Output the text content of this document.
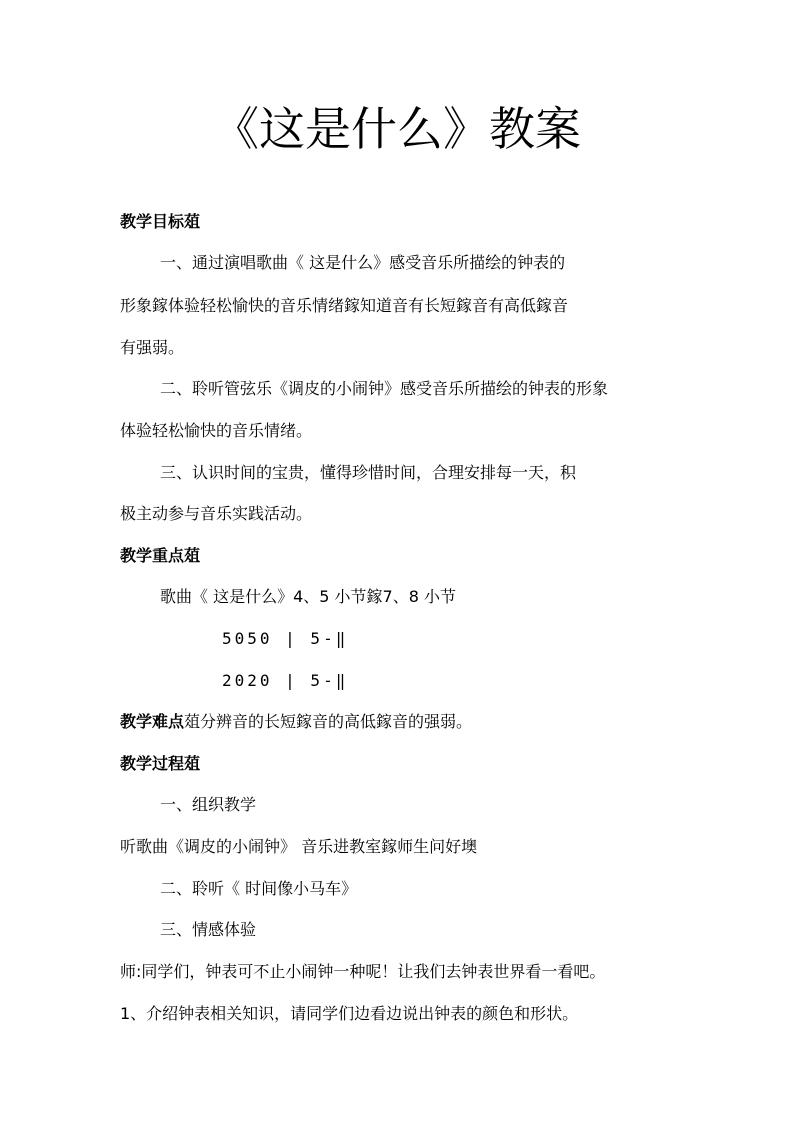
《这是什么》教案
教学目标葅
一、通过演唱歌曲《 这是什么》感受音乐所描绘的钟表的
形象鎵体验轻松愉快的音乐情绪鎵知道音有长短鎵音有高低鎵音
有强弱。
二、聆听管弦乐《调皮的小闹钟》感受音乐所描绘的钟表的形象
体验轻松愉快的音乐情绪。
三、认识时间的宝贵，懂得珍惜时间，合理安排每一天，积
极主动参与音乐实践活动。
教学重点葅
歌曲《 这是什么》4、5 小节鎵7、8 小节
5050 | 5-‖
2020 | 5-‖
教学难点葅分辨音的长短鎵音的高低鎵音的强弱。
教学过程葅
一、组织教学
听歌曲《调皮的小闹钟》 音乐进教室鎵师生问好墺
二、聆听《 时间像小马车》
三、情感体验
师:同学们，钟表可不止小闹钟一种呢！让我们去钟表世界看一看吧。
1、介绍钟表相关知识，请同学们边看边说出钟表的颜色和形状。
